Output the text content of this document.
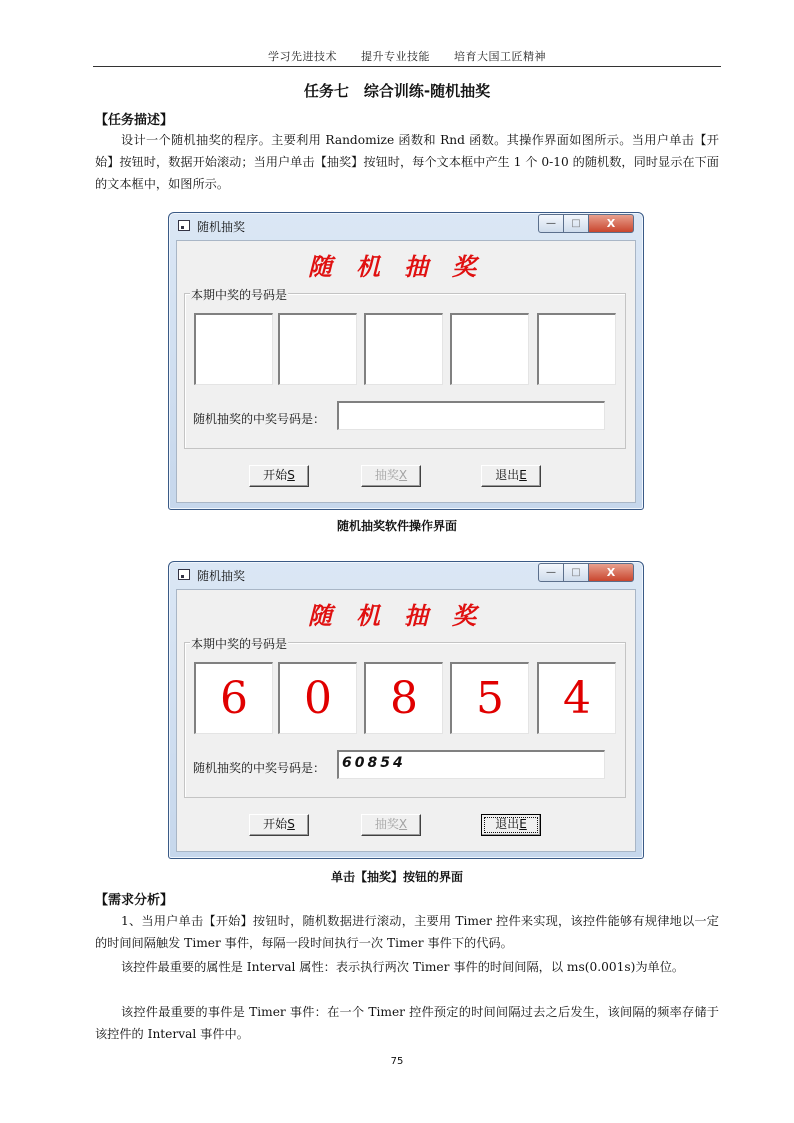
学习先进技术 提升专业技能 培育大国工匠精神
任务七　综合训练-随机抽奖
【任务描述】
设计一个随机抽奖的程序。主要利用 Randomize 函数和 Rnd 函数。其操作界面如图所示。当用户单击【开始】按钮时，数据开始滚动；当用户单击【抽奖】按钮时，每个文本框中产生 1 个 0-10 的随机数，同时显示在下面的文本框中，如图所示。
随机抽奖	—	□	X
随机抽奖
本期中奖的号码是
随机抽奖的中奖号码是：
开始S	抽奖X	退出E
随机抽奖软件操作界面
随机抽奖	—	□	X
随机抽奖
本期中奖的号码是
6	0	8	5	4
随机抽奖的中奖号码是：	60854
开始S	抽奖X	退出E
单击【抽奖】按钮的界面
【需求分析】
1、当用户单击【开始】按钮时，随机数据进行滚动，主要用 Timer 控件来实现，该控件能够有规律地以一定的时间间隔触发 Timer 事件，每隔一段时间执行一次 Timer 事件下的代码。
该控件最重要的属性是 Interval 属性：表示执行两次 Timer 事件的时间间隔，以 ms(0.001s)为单位。
该控件最重要的事件是 Timer 事件：在一个 Timer 控件预定的时间间隔过去之后发生，该间隔的频率存储于该控件的 Interval 事件中。
75
